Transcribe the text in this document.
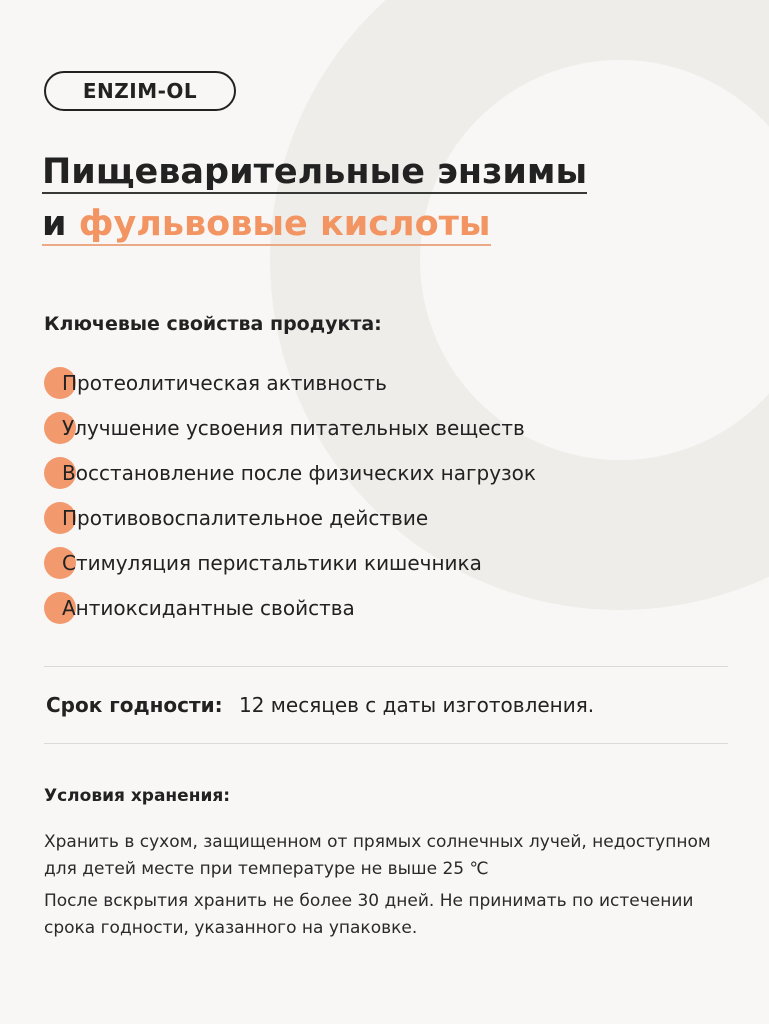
ENZIM-OL
Пищеварительные энзимы
и фульвовые кислоты
Ключевые свойства продукта:
Протеолитическая активность
Улучшение усвоения питательных веществ
Восстановление после физических нагрузок
Противовоспалительное действие
Стимуляция перистальтики кишечника
Антиоксидантные свойства
Срок годности: 12 месяцев с даты изготовления.
Условия хранения:
Хранить в сухом, защищенном от прямых солнечных лучей, недоступном для детей месте при температуре не выше 25 ℃
После вскрытия хранить не более 30 дней. Не принимать по истечении срока годности, указанного на упаковке.
